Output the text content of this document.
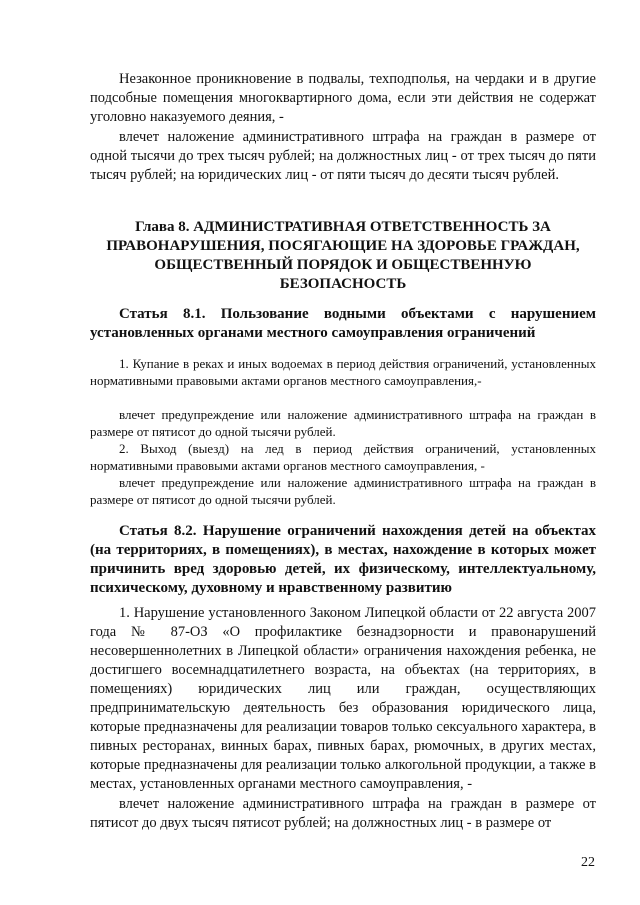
Незаконное проникновение в подвалы, техподполья, на чердаки и в другие подсобные помещения многоквартирного дома, если эти действия не содержат уголовно наказуемого деяния, -

влечет наложение административного штрафа на граждан в размере от одной тысячи до трех тысяч рублей; на должностных лиц - от трех тысяч до пяти тысяч рублей; на юридических лиц - от пяти тысяч до десяти тысяч рублей.

Глава 8. АДМИНИСТРАТИВНАЯ ОТВЕТСТВЕННОСТЬ ЗА ПРАВОНАРУШЕНИЯ, ПОСЯГАЮЩИЕ НА ЗДОРОВЬЕ ГРАЖДАН, ОБЩЕСТВЕННЫЙ ПОРЯДОК И ОБЩЕСТВЕННУЮ БЕЗОПАСНОСТЬ

Статья 8.1. Пользование водными объектами с нарушением установленных органами местного самоуправления ограничений

1. Купание в реках и иных водоемах в период действия ограничений, установленных нормативными правовыми актами органов местного самоуправления,-

влечет предупреждение или наложение административного штрафа на граждан в размере от пятисот до одной тысячи рублей.

2. Выход (выезд) на лед в период действия ограничений, установленных нормативными правовыми актами органов местного самоуправления, -

влечет предупреждение или наложение административного штрафа на граждан в размере от пятисот до одной тысячи рублей.

Статья 8.2. Нарушение ограничений нахождения детей на объектах (на территориях, в помещениях), в местах, нахождение в которых может причинить вред здоровью детей, их физическому, интеллектуальному, психическому, духовному и нравственному развитию

1. Нарушение установленного Законом Липецкой области от 22 августа 2007 года № 87-ОЗ «О профилактике безнадзорности и правонарушений несовершеннолетних в Липецкой области» ограничения нахождения ребенка, не достигшего восемнадцатилетнего возраста, на объектах (на территориях, в помещениях) юридических лиц или граждан, осуществляющих предпринимательскую деятельность без образования юридического лица, которые предназначены для реализации товаров только сексуального характера, в пивных ресторанах, винных барах, пивных барах, рюмочных, в других местах, которые предназначены для реализации только алкогольной продукции, а также в местах, установленных органами местного самоуправления, -

влечет наложение административного штрафа на граждан в размере от пятисот до двух тысяч пятисот рублей; на должностных лиц - в размере от

22
